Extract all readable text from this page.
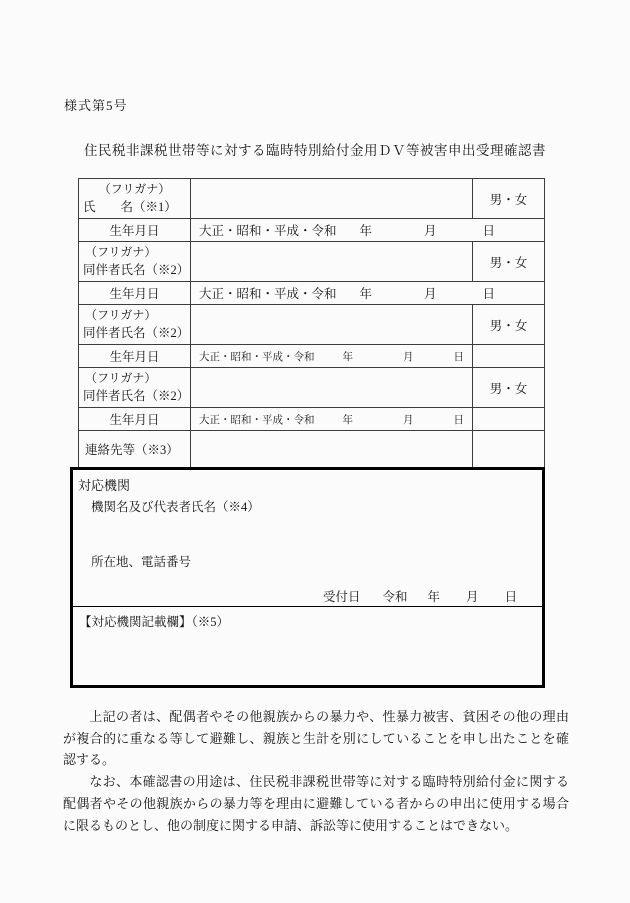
様式第5号
住民税非課税世帯等に対する臨時特別給付金用ＤＶ等被害申出受理確認書
（フリガナ）
氏　　名（※1）		男・女
生年月日	大正・昭和・平成・令和 年 月 日	

（フリガナ）
同伴者氏名（※2）		男・女
生年月日	大正・昭和・平成・令和 年 月 日	

（フリガナ）
同伴者氏名（※2）		男・女
生年月日	大正・昭和・平成・令和 年 月 日	

（フリガナ）
同伴者氏名（※2）		男・女
生年月日	大正・昭和・平成・令和 年 月 日	

連絡先等（※3）		
対応機関
機関名及び代表者氏名（※4）
所在地、電話番号
受付日 令和 年 月 日
【対応機関記載欄】（※5）

　上記の者は、配偶者やその他親族からの暴力や、性暴力被害、貧困その他の理由が複合的に重なる等して避難し、親族と生計を別にしていることを申し出たことを確認する。

　なお、本確認書の用途は、住民税非課税世帯等に対する臨時特別給付金に関する配偶者やその他親族からの暴力等を理由に避難している者からの申出に使用する場合に限るものとし、他の制度に関する申請、訴訟等に使用することはできない。
